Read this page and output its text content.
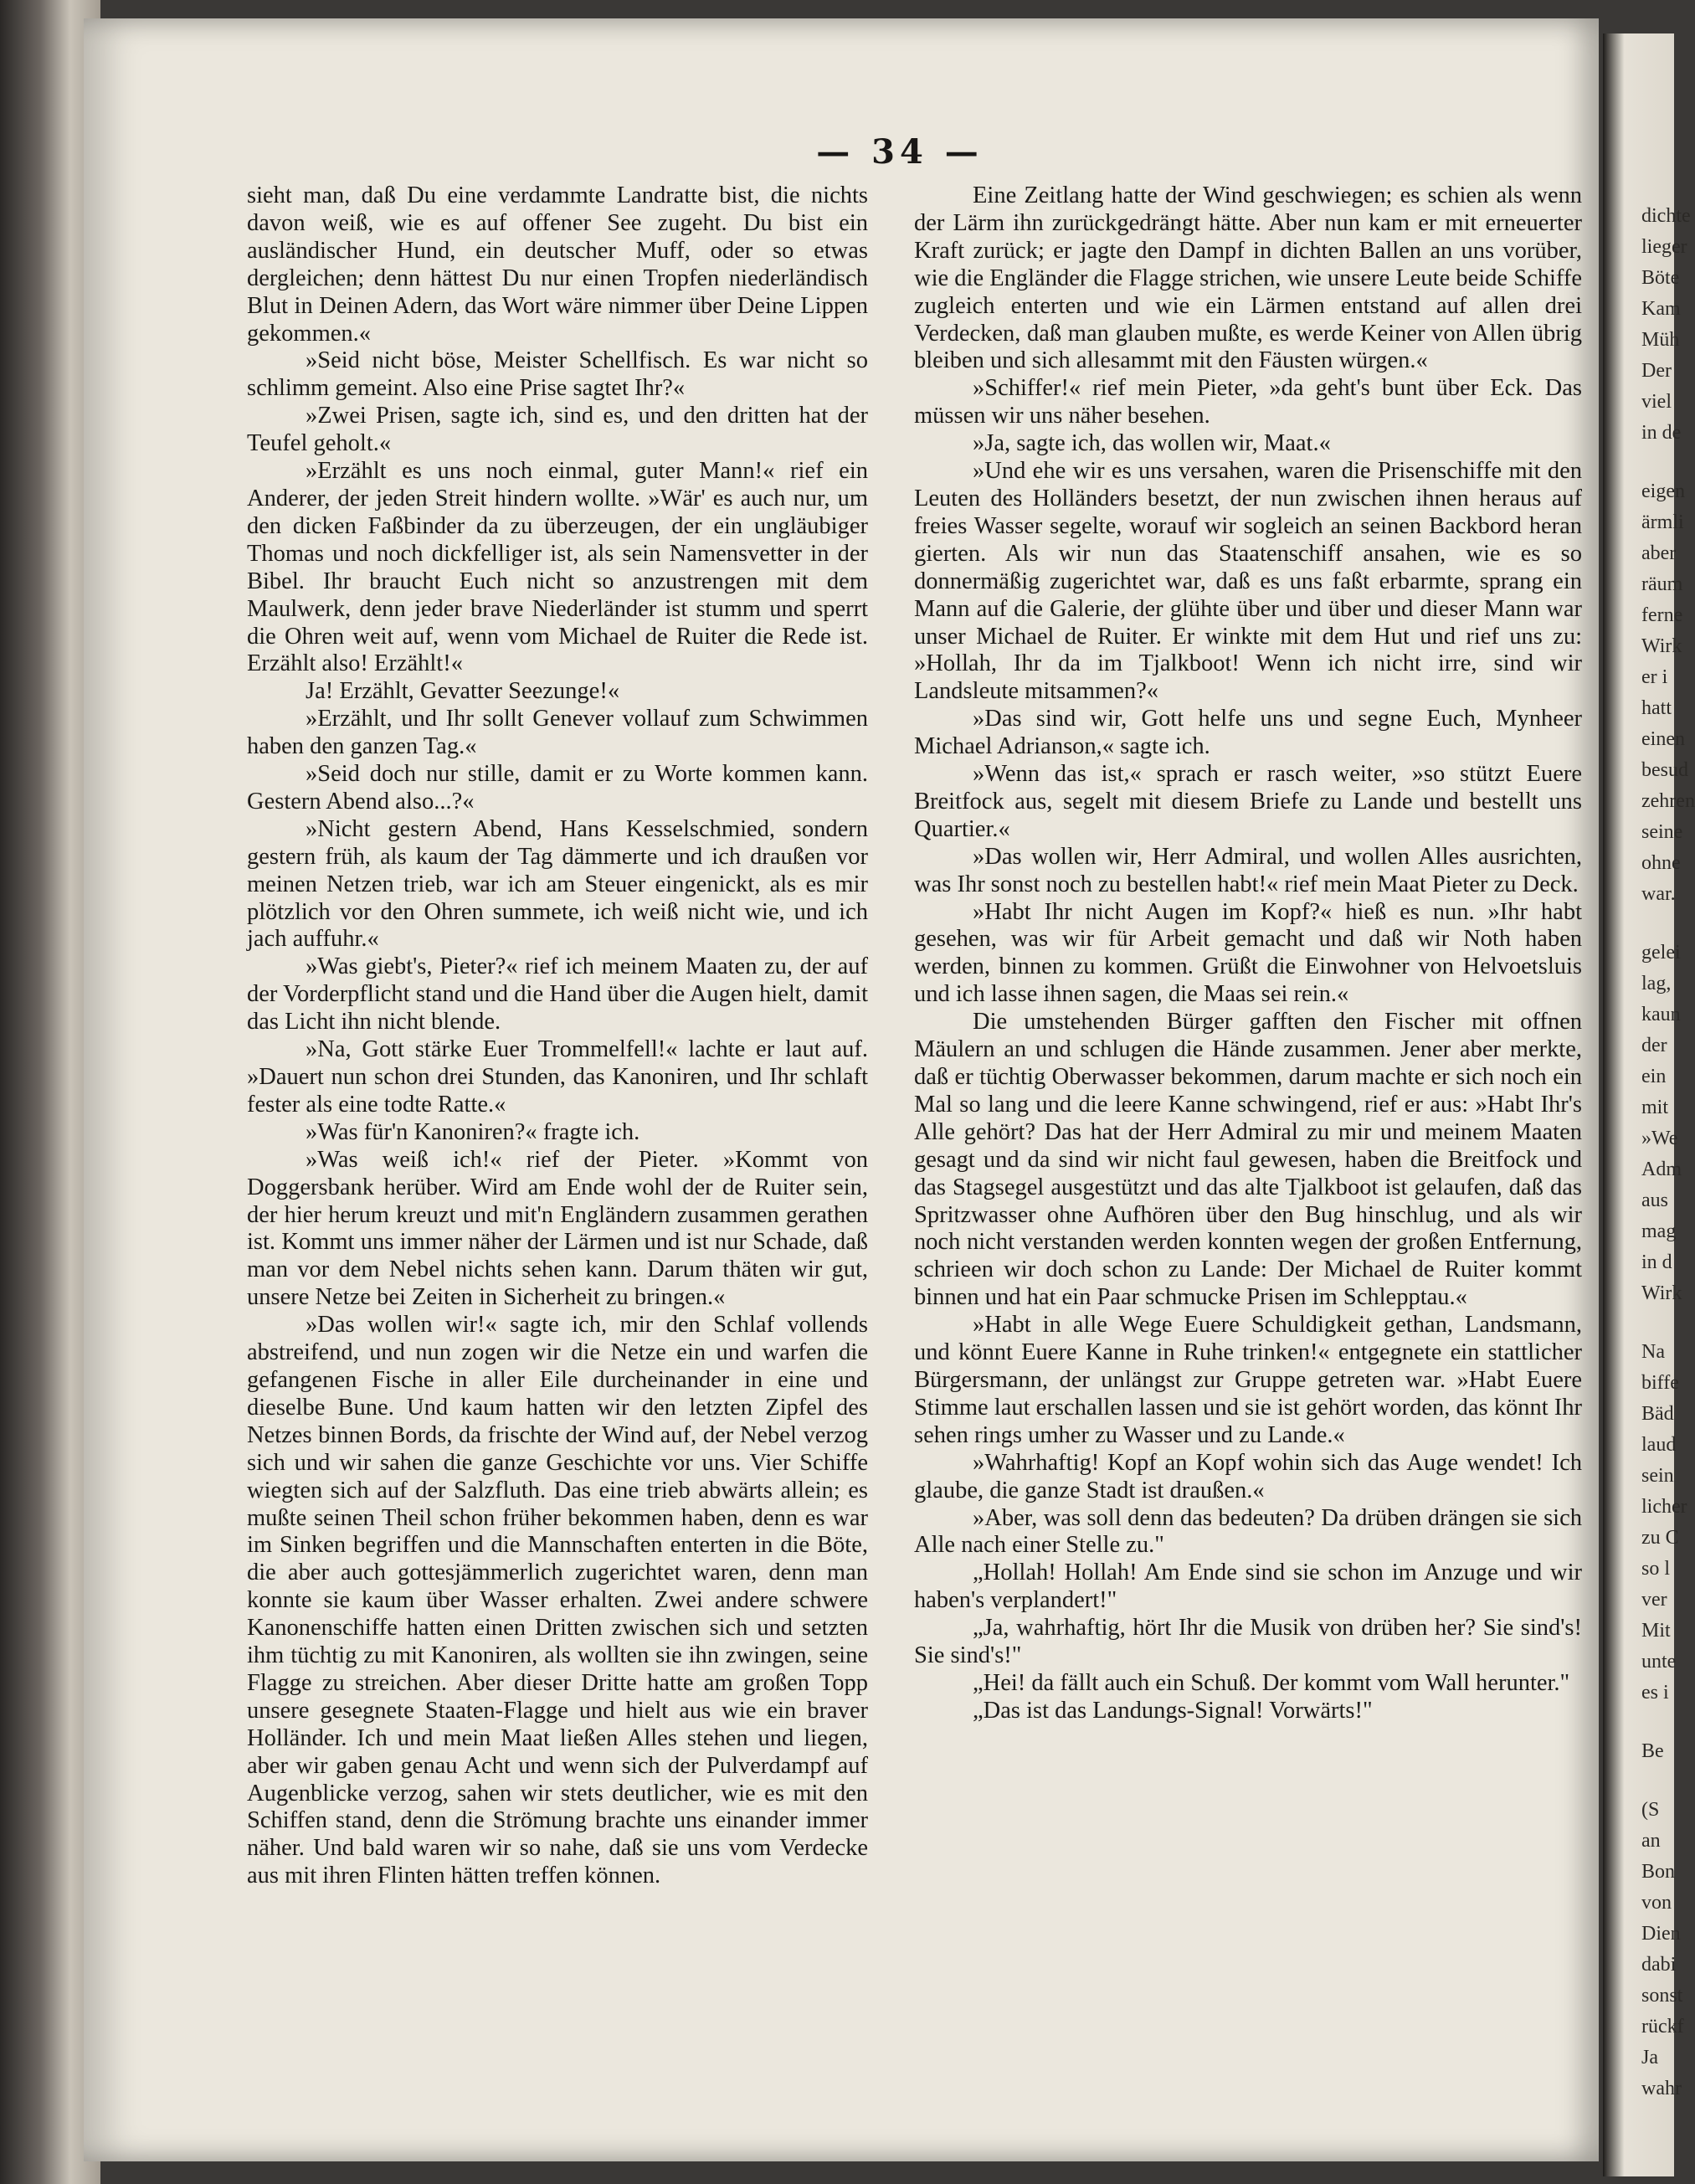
— 34 —

sieht man, daß Du eine verdammte Landratte bist, die nichts davon weiß, wie es auf offener See zugeht. Du bist ein ausländischer Hund, ein deutscher Muff, oder so etwas dergleichen; denn hättest Du nur einen Tropfen niederländisch Blut in Deinen Adern, das Wort wäre nimmer über Deine Lippen gekommen.«

»Seid nicht böse, Meister Schellfisch. Es war nicht so schlimm gemeint. Also eine Prise sagtet Ihr?«

»Zwei Prisen, sagte ich, sind es, und den dritten hat der Teufel geholt.«

»Erzählt es uns noch einmal, guter Mann!« rief ein Anderer, der jeden Streit hindern wollte. »Wär' es auch nur, um den dicken Faßbinder da zu überzeugen, der ein ungläubiger Thomas und noch dickfelliger ist, als sein Namensvetter in der Bibel. Ihr braucht Euch nicht so anzustrengen mit dem Maulwerk, denn jeder brave Niederländer ist stumm und sperrt die Ohren weit auf, wenn vom Michael de Ruiter die Rede ist. Erzählt also! Erzählt!«

Ja! Erzählt, Gevatter Seezunge!«

»Erzählt, und Ihr sollt Genever vollauf zum Schwimmen haben den ganzen Tag.«

»Seid doch nur stille, damit er zu Worte kommen kann. Gestern Abend also...?«

»Nicht gestern Abend, Hans Kesselschmied, sondern gestern früh, als kaum der Tag dämmerte und ich draußen vor meinen Netzen trieb, war ich am Steuer eingenickt, als es mir plötzlich vor den Ohren summete, ich weiß nicht wie, und ich jach auffuhr.«

»Was giebt's, Pieter?« rief ich meinem Maaten zu, der auf der Vorderpflicht stand und die Hand über die Augen hielt, damit das Licht ihn nicht blende.

»Na, Gott stärke Euer Trommelfell!« lachte er laut auf. »Dauert nun schon drei Stunden, das Kanoniren, und Ihr schlaft fester als eine todte Ratte.«

»Was für'n Kanoniren?« fragte ich.

»Was weiß ich!« rief der Pieter. »Kommt von Doggersbank herüber. Wird am Ende wohl der de Ruiter sein, der hier herum kreuzt und mit'n Engländern zusammen gerathen ist. Kommt uns immer näher der Lärmen und ist nur Schade, daß man vor dem Nebel nichts sehen kann. Darum thäten wir gut, unsere Netze bei Zeiten in Sicherheit zu bringen.«

»Das wollen wir!« sagte ich, mir den Schlaf vollends abstreifend, und nun zogen wir die Netze ein und warfen die gefangenen Fische in aller Eile durcheinander in eine und dieselbe Bune. Und kaum hatten wir den letzten Zipfel des Netzes binnen Bords, da frischte der Wind auf, der Nebel verzog sich und wir sahen die ganze Geschichte vor uns. Vier Schiffe wiegten sich auf der Salzfluth. Das eine trieb abwärts allein; es mußte seinen Theil schon früher bekommen haben, denn es war im Sinken begriffen und die Mannschaften enterten in die Böte, die aber auch gottesjämmerlich zugerichtet waren, denn man konnte sie kaum über Wasser erhalten. Zwei andere schwere Kanonenschiffe hatten einen Dritten zwischen sich und setzten ihm tüchtig zu mit Kanoniren, als wollten sie ihn zwingen, seine Flagge zu streichen. Aber dieser Dritte hatte am großen Topp unsere gesegnete Staaten-Flagge und hielt aus wie ein braver Holländer. Ich und mein Maat ließen Alles stehen und liegen, aber wir gaben genau Acht und wenn sich der Pulverdampf auf Augenblicke verzog, sahen wir stets deutlicher, wie es mit den Schiffen stand, denn die Strömung brachte uns einander immer näher. Und bald waren wir so nahe, daß sie uns vom Verdecke aus mit ihren Flinten hätten treffen können.

Eine Zeitlang hatte der Wind geschwiegen; es schien als wenn der Lärm ihn zurückgedrängt hätte. Aber nun kam er mit erneuerter Kraft zurück; er jagte den Dampf in dichten Ballen an uns vorüber, wie die Engländer die Flagge strichen, wie unsere Leute beide Schiffe zugleich enterten und wie ein Lärmen entstand auf allen drei Verdecken, daß man glauben mußte, es werde Keiner von Allen übrig bleiben und sich allesammt mit den Fäusten würgen.«

»Schiffer!« rief mein Pieter, »da geht's bunt über Eck. Das müssen wir uns näher besehen.

»Ja, sagte ich, das wollen wir, Maat.«

»Und ehe wir es uns versahen, waren die Prisenschiffe mit den Leuten des Holländers besetzt, der nun zwischen ihnen heraus auf freies Wasser segelte, worauf wir sogleich an seinen Backbord heran gierten. Als wir nun das Staatenschiff ansahen, wie es so donnermäßig zugerichtet war, daß es uns faßt erbarmte, sprang ein Mann auf die Galerie, der glühte über und über und dieser Mann war unser Michael de Ruiter. Er winkte mit dem Hut und rief uns zu: »Hollah, Ihr da im Tjalkboot! Wenn ich nicht irre, sind wir Landsleute mitsammen?«

»Das sind wir, Gott helfe uns und segne Euch, Mynheer Michael Adrianson,« sagte ich.

»Wenn das ist,« sprach er rasch weiter, »so stützt Euere Breitfock aus, segelt mit diesem Briefe zu Lande und bestellt uns Quartier.«

»Das wollen wir, Herr Admiral, und wollen Alles ausrichten, was Ihr sonst noch zu bestellen habt!« rief mein Maat Pieter zu Deck.

»Habt Ihr nicht Augen im Kopf?« hieß es nun. »Ihr habt gesehen, was wir für Arbeit gemacht und daß wir Noth haben werden, binnen zu kommen. Grüßt die Einwohner von Helvoetsluis und ich lasse ihnen sagen, die Maas sei rein.«

Die umstehenden Bürger gafften den Fischer mit offnen Mäulern an und schlugen die Hände zusammen. Jener aber merkte, daß er tüchtig Oberwasser bekommen, darum machte er sich noch ein Mal so lang und die leere Kanne schwingend, rief er aus: »Habt Ihr's Alle gehört? Das hat der Herr Admiral zu mir und meinem Maaten gesagt und da sind wir nicht faul gewesen, haben die Breitfock und das Stagsegel ausgestützt und das alte Tjalkboot ist gelaufen, daß das Spritzwasser ohne Aufhören über den Bug hinschlug, und als wir noch nicht verstanden werden konnten wegen der großen Entfernung, schrieen wir doch schon zu Lande: Der Michael de Ruiter kommt binnen und hat ein Paar schmucke Prisen im Schlepptau.«

»Habt in alle Wege Euere Schuldigkeit gethan, Landsmann, und könnt Euere Kanne in Ruhe trinken!« entgegnete ein stattlicher Bürgersmann, der unlängst zur Gruppe getreten war. »Habt Euere Stimme laut erschallen lassen und sie ist gehört worden, das könnt Ihr sehen rings umher zu Wasser und zu Lande.«

»Wahrhaftig! Kopf an Kopf wohin sich das Auge wendet! Ich glaube, die ganze Stadt ist draußen.«

»Aber, was soll denn das bedeuten? Da drüben drängen sie sich Alle nach einer Stelle zu."

„Hollah! Hollah! Am Ende sind sie schon im Anzuge und wir haben's verplandert!"

„Ja, wahrhaftig, hört Ihr die Musik von drüben her? Sie sind's! Sie sind's!"

„Hei! da fällt auch ein Schuß. Der kommt vom Wall herunter."

„Das ist das Landungs-Signal! Vorwärts!"

dichte
lieger
Böte
Kam
Müh
Der
viel
in de
eigen
ärmli
aber
räum
ferne
Wirk
er i
hatt
einen
besud
zehren
seine
ohne
war.
gelei
lag,
kaun
der
ein
mit
»We
Adm
aus
mag
in d
Wirk
Na
biffe
Bäd
laud
sein
licher
zu C
so l
ver
Mit
unte
es i
Be
(S
an
Bon
von
Dien
dabi
sonst
rückf
Ja
wahr
